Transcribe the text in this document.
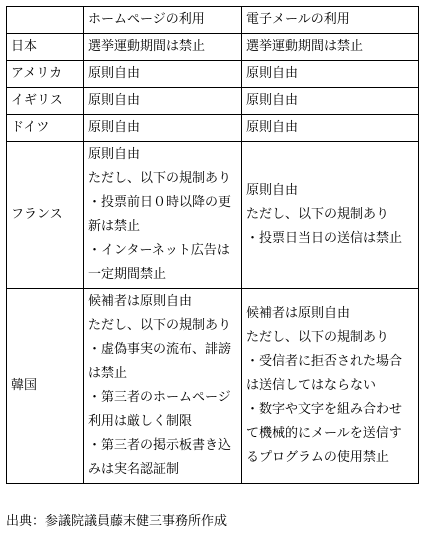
	ホームページの利用	電子メールの利用
日本	選挙運動期間は禁止	選挙運動期間は禁止

アメリカ	原則自由	原則自由

イギリス	原則自由	原則自由

ドイツ	原則自由	原則自由

フランス	原則自由
ただし、以下の規制あり
・投票前日０時以降の更新は禁止
・インターネット広告は一定期間禁止	原則自由
ただし、以下の規制あり
・投票日当日の送信は禁止

韓国	候補者は原則自由
ただし、以下の規制あり
・虚偽事実の流布、誹謗は禁止
・第三者のホームページ利用は厳しく制限
・第三者の掲示板書き込みは実名認証制	候補者は原則自由
ただし、以下の規制あり
・受信者に拒否された場合は送信してはならない
・数字や文字を組み合わせて機械的にメールを送信するプログラムの使用禁止
出典：参議院議員藤末健三事務所作成
